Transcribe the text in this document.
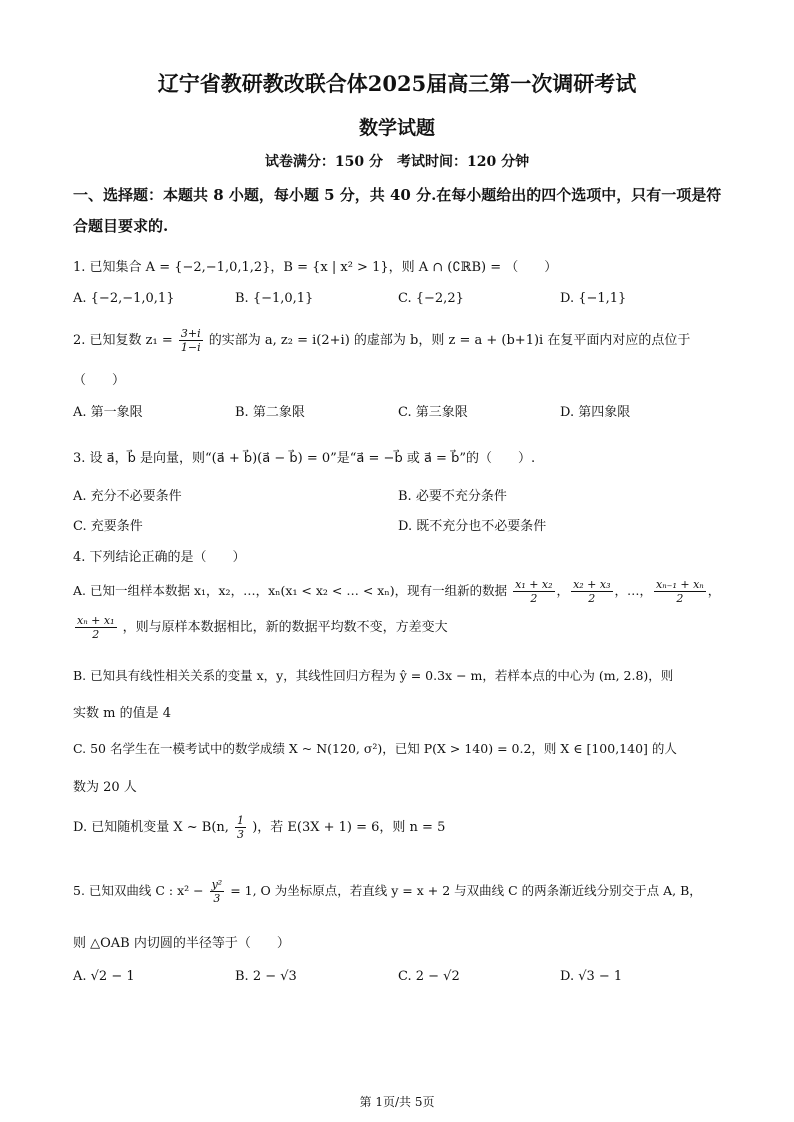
辽宁省教研教改联合体2025届高三第一次调研考试
数学试题
试卷满分：150 分　考试时间：120 分钟
一、选择题：本题共 8 小题，每小题 5 分，共 40 分.在每小题给出的四个选项中，只有一项是符合题目要求的.
1. 已知集合 A = {−2,−1,0,1,2}，B = {x | x² > 1}，则 A ∩ (∁ℝB) = （　　）
A. {−2,−1,0,1}	B. {−1,0,1}	C. {−2,2}	D. {−1,1}
2. 已知复数 $z_1 = \frac{3+i}{1-i}$ 的实部为 a, z₂ = i(2+i) 的虚部为 b，则 z = a + (b+1)i 在复平面内对应的点位于
（　　）
A. 第一象限	B. 第二象限	C. 第三象限	D. 第四象限
3. 设 a⃗，b⃗ 是向量，则“(a⃗ + b⃗)(a⃗ − b⃗) = 0”是“a⃗ = −b⃗ 或 a⃗ = b⃗”的（　　）.
A. 充分不必要条件	B. 必要不充分条件
C. 充要条件	D. 既不充分也不必要条件
4. 下列结论正确的是（　　）
A. 已知一组样本数据 x₁，x₂，…，xₙ(x₁ < x₂ < … < xₙ)，现有一组新的数据 $\frac{\text{x₁ + x₂}}{2}$ ， $\frac{\text{x₂ + x₃}}{2}$ ，…， $\frac{\text{xₙ₋₁ + xₙ}}{2}$ ，
$\frac{\text{xₙ + x₁}}{2}$ ，则与原样本数据相比，新的数据平均数不变，方差变大
B. 已知具有线性相关关系的变量 x，y，其线性回归方程为 ŷ = 0.3x − m，若样本点的中心为 (m, 2.8)，则
实数 m 的值是 4
C. 50 名学生在一模考试中的数学成绩 X ~ N(120, σ²)，已知 P(X > 140) = 0.2，则 X ∈ [100,140] 的人
数为 20 人
D. 已知随机变量 X ~ B(n, $\frac{1}{3}$ )，若 E(3X + 1) = 6，则 n = 5
5. 已知双曲线 C : $x^2 - \frac{\text{y²}}{3} = 1$, O 为坐标原点，若直线 y = x + 2 与双曲线 C 的两条渐近线分别交于点 A, B，
则 △OAB 内切圆的半径等于（　　）
A. √2 − 1	B. 2 − √3	C. 2 − √2	D. √3 − 1
第 1页/共 5页
